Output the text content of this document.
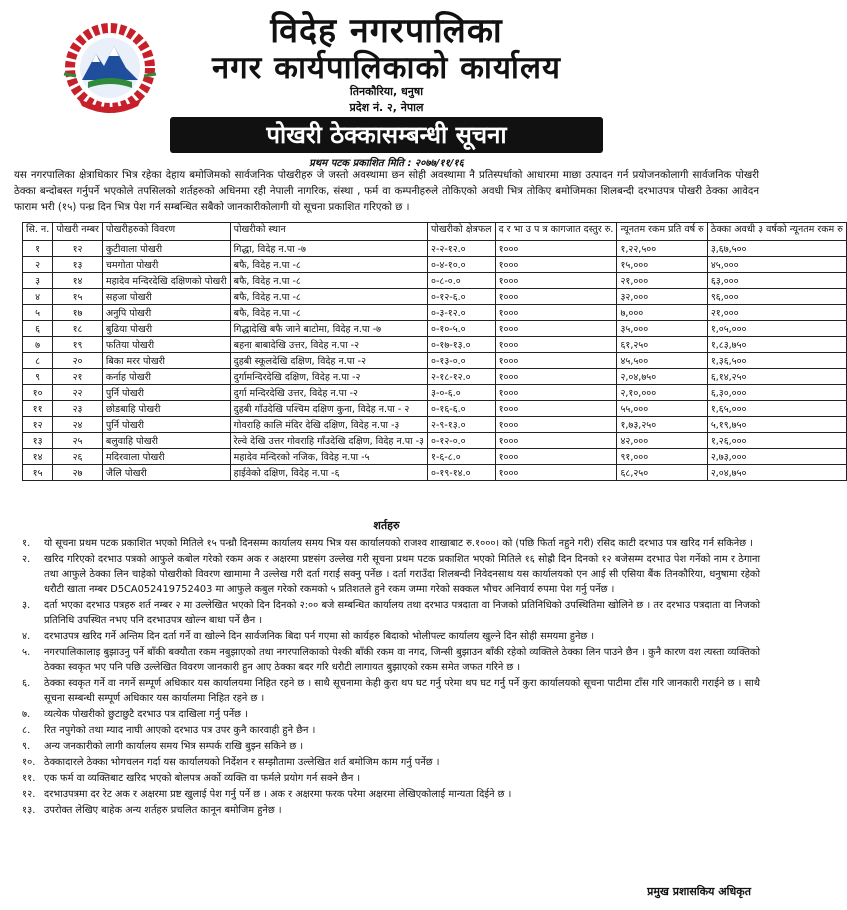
विदेह नगरपालिका
नगर कार्यपालिकाको कार्यालय
तिनकौरिया, धनुषा
प्रदेश नं. २, नेपाल
पोखरी ठेक्कासम्बन्धी सूचना
प्रथम पटक प्रकाशित मिति : २०७७/११/१६
यस नगरपालिका क्षेत्राधिकार भित्र रहेका देहाय बमोजिमको सार्वजनिक पोखरीहरु जे जस्तो अवस्थामा छन सोही अवस्थामा नै प्रतिस्पर्धाको आधारमा माछा उत्पादन गर्न प्रयोजनकोलागी सार्वजनिक पोखरी ठेक्का बन्दोबस्त गर्नुपर्ने भएकोले तपसिलको शर्तहरुको अधिनमा रही नेपाली नागरिक, संस्था , फर्म वा कम्पनीहरुले तोकिएको अवधी भित्र तोकिए बमोजिमका शिलबन्दी दरभाउपत्र पोखरी ठेक्का आवेदन फाराम भरी (१५) पन्ध्र दिन भित्र पेश गर्न सम्बन्धित सबैको जानकारीकोलागी यो सूचना प्रकाशित गरिएको छ ।
सि. न.	पोखरी नम्बर	पोखरीहरुको विवरण	पोखरीको स्थान	पोखरीको क्षेत्रफल	द र भा उ प त्र कागजात दस्तुर रु.	न्यूनतम रकम प्रति वर्ष रु	ठेक्का अवधी ३ वर्षको न्यूनतम रकम रु
१	१२	कुटीवाला पोखरी	गिद्धा, विदेह न.पा -७	२-२-१२.०	१०००	१,२२,५००	३,६७,५००
२	१३	चमगोता पोखरी	बफै, विदेह न.पा -८	०-४-१०.०	१०००	१५,०००	४५,०००
३	१४	महादेव मन्दिरदेखि दक्षिणको पोखरी	बफै, विदेह न.पा -८	०-८-०.०	१०००	२१,०००	६३,०००
४	१५	सहजा पोखरी	बफै, विदेह न.पा -८	०-१२-६.०	१०००	३२,०००	९६,०००
५	१७	अनुपि पोखरी	बफै, विदेह न.पा -८	०-३-१२.०	१०००	७,०००	२१,०००
६	१८	बुढिया पोखरी	गिद्धादेखि बफै जाने बाटोमा, विदेह न.पा -७	०-१०-५.०	१०००	३५,०००	१,०५,०००
७	१९	फतिया पोखरी	बहना बाबादेखि उत्तर, विदेह न.पा -२	०-१७-१३.०	१०००	६१,२५०	१,८३,७५०
८	२०	बिका मरर पोखरी	दुहबी स्कूलदेखि दक्षिण, विदेह न.पा -२	०-१३-०.०	१०००	४५,५००	१,३६,५००
९	२१	कर्नाह पोखरी	दुर्गामन्दिरदेखि दक्षिण, विदेह न.पा -२	२-१८-१२.०	१०००	२,०४,७५०	६,१४,२५०
१०	२२	पुर्नि पोखरी	दुर्गा मन्दिरदेखि उत्तर, विदेह न.पा -२	३-०-६.०	१०००	२,१०,०००	६,३०,०००
११	२३	छोडबाहि पोखरी	दुहबी गाँउदेखि पश्चिम दक्षिण कुना, विदेह न.पा - २	०-१६-६.०	१०००	५५,०००	१,६५,०००
१२	२४	पुर्नि पोखरी	गोवराहि कालि मंदिर देखि दक्षिण, विदेह न.पा -३	२-९-१३.०	१०००	१,७३,२५०	५,१९,७५०
१३	२५	बलुवाहि पोखरी	रेल्वे देखि उत्तर गोवराहि गाँउदेखि दक्षिण, विदेह न.पा -३	०-१२-०.०	१०००	४२,०००	१,२६,०००
१४	२६	मदिरवाला पोखरी	महादेव मन्दिरको नजिक, विदेह न.पा -५	१-६-८.०	१०००	९१,०००	२,७३,०००
१५	२७	जैलि पोखरी	हाईवेको दक्षिण, विदेह न.पा -६	०-१९-१४.०	१०००	६८,२५०	२,०४,७५०
शर्तहरु
१.	यो सूचना प्रथम पटक प्रकाशित भएको मितिले १५ पन्ध्रौ दिनसम्म कार्यालय समय भित्र यस कार्यालयको राजश्व शाखाबाट रु.१०००। को (पछि फिर्ता नहुने गरी) रसिद काटी दरभाउ पत्र खरिद गर्न सकिनेछ ।
२.	खरिद गरिएको दरभाउ पत्रको आफुले कबोल गरेको रकम अक र अक्षरमा प्रष्टसंग उल्लेख गरी सूचना प्रथम पटक प्रकाशित भएको मितिले १६ सोह्रौ दिन दिनको १२ बजेसम्म दरभाउ पेश गर्नेको नाम र ठेगाना तथा आफुले ठेक्का लिन चाहेको पोखरीको विवरण खामामा नै उल्लेख गरी दर्ता गराई सक्नु पर्नेछ । दर्ता गराउँदा शिलबन्दी निवेदनसाथ यस कार्यालयको एन आई सी एसिया बैंक तिनकौरिया, धनुषामा रहेको धरौटी खाता नम्बर D5CA052419752403 मा आफुले कबुल गरेको रकमको ५ प्रतिशतले हुने रकम जम्मा गरेको सक्कल भौचर अनिवार्य रुपमा पेश गर्नु पर्नेछ ।
३.	दर्ता भएका दरभाउ पत्रहरु शर्त नम्बर २ मा उल्लेखित भएको दिन दिनको २:०० बजे सम्बन्धित कार्यालय तथा दरभाउ पत्रदाता वा निजको प्रतिनिधिको उपस्थितिमा खोलिने छ । तर दरभाउ पत्रदाता वा निजको प्रतिनिधि उपस्थित नभए पनि दरभाउपत्र खोल्न बाधा पर्ने छैन ।
४.	दरभाउपत्र खरिद गर्ने अन्तिम दिन दर्ता गर्ने वा खोल्ने दिन सार्वजनिक बिदा पर्न गएमा सो कार्यहरु बिदाको भोलीपल्ट कार्यालय खुल्ने दिन सोही समयमा हुनेछ ।
५.	नगरपालिकालाइ बुझाउनु पर्ने बाँकी बक्यौता रकम नबुझाएको तथा नगरपालिकाको पेश्की बाँकी रकम वा नगद, जिन्सी बुझाउन बाँकी रहेको व्यक्तिले ठेक्का लिन पाउने छैन । कुनै कारण वश त्यस्ता व्यक्तिको ठेक्का स्वकृत भए पनि पछि उल्लेखित विवरण जानकारी हुन आए ठेक्का बदर गरि धरौटी लागायत बुझाएको रकम समेत जफत गरिने छ ।
६.	ठेक्का स्वकृत गर्ने वा नगर्ने सम्पूर्ण अधिकार यस कार्यालयमा निहित रहने छ । साथै सूचनामा केही कुरा थप घट गर्नु परेमा थप घट गर्नु पर्ने कुरा कार्यालयको सूचना पाटीमा टाँस गरि जानकारी गराईने छ । साथै सूचना सम्बन्धी सम्पूर्ण अधिकार यस कार्यालमा निहित रहने छ ।
७.	व्यत्येक पोखरीको छुटाछुटै दरभाउ पत्र दाखिला गर्नु पर्नेछ ।
८.	रित नपुगेको तथा म्याद नाघी आएको दरभाउ पत्र उपर कुनै कारवाही हुने छैन ।
९.	अन्य जनकारीको लागी कार्यालय समय भित्र सम्पर्क राखि बुझ्न सकिने छ ।
१०. ठेक्कादारले ठेक्का भोगचलन गर्दा यस कार्यालयको निर्देशन र सम्झौतामा उल्लेखित शर्त बमोजिम काम गर्नु पर्नेछ ।
११. एक फर्म वा व्यक्तिबाट खरिद भएको बोलपत्र अर्को व्यक्ति वा फर्मले प्रयोग गर्न सक्ने छैन ।
१२. दरभाउपत्रमा दर रेट अक र अक्षरमा प्रष्ट खुलाई पेश गर्नु पर्ने छ । अक र अक्षरमा फरक परेमा अक्षरमा लेखिएकोलाई मान्यता दिईने छ ।
१३. उपरोक्त लेखिए बाहेक अन्य शर्तहरु प्रचलित कानून बमोजिम हुनेछ ।
प्रमुख प्रशासकिय अधिकृत
